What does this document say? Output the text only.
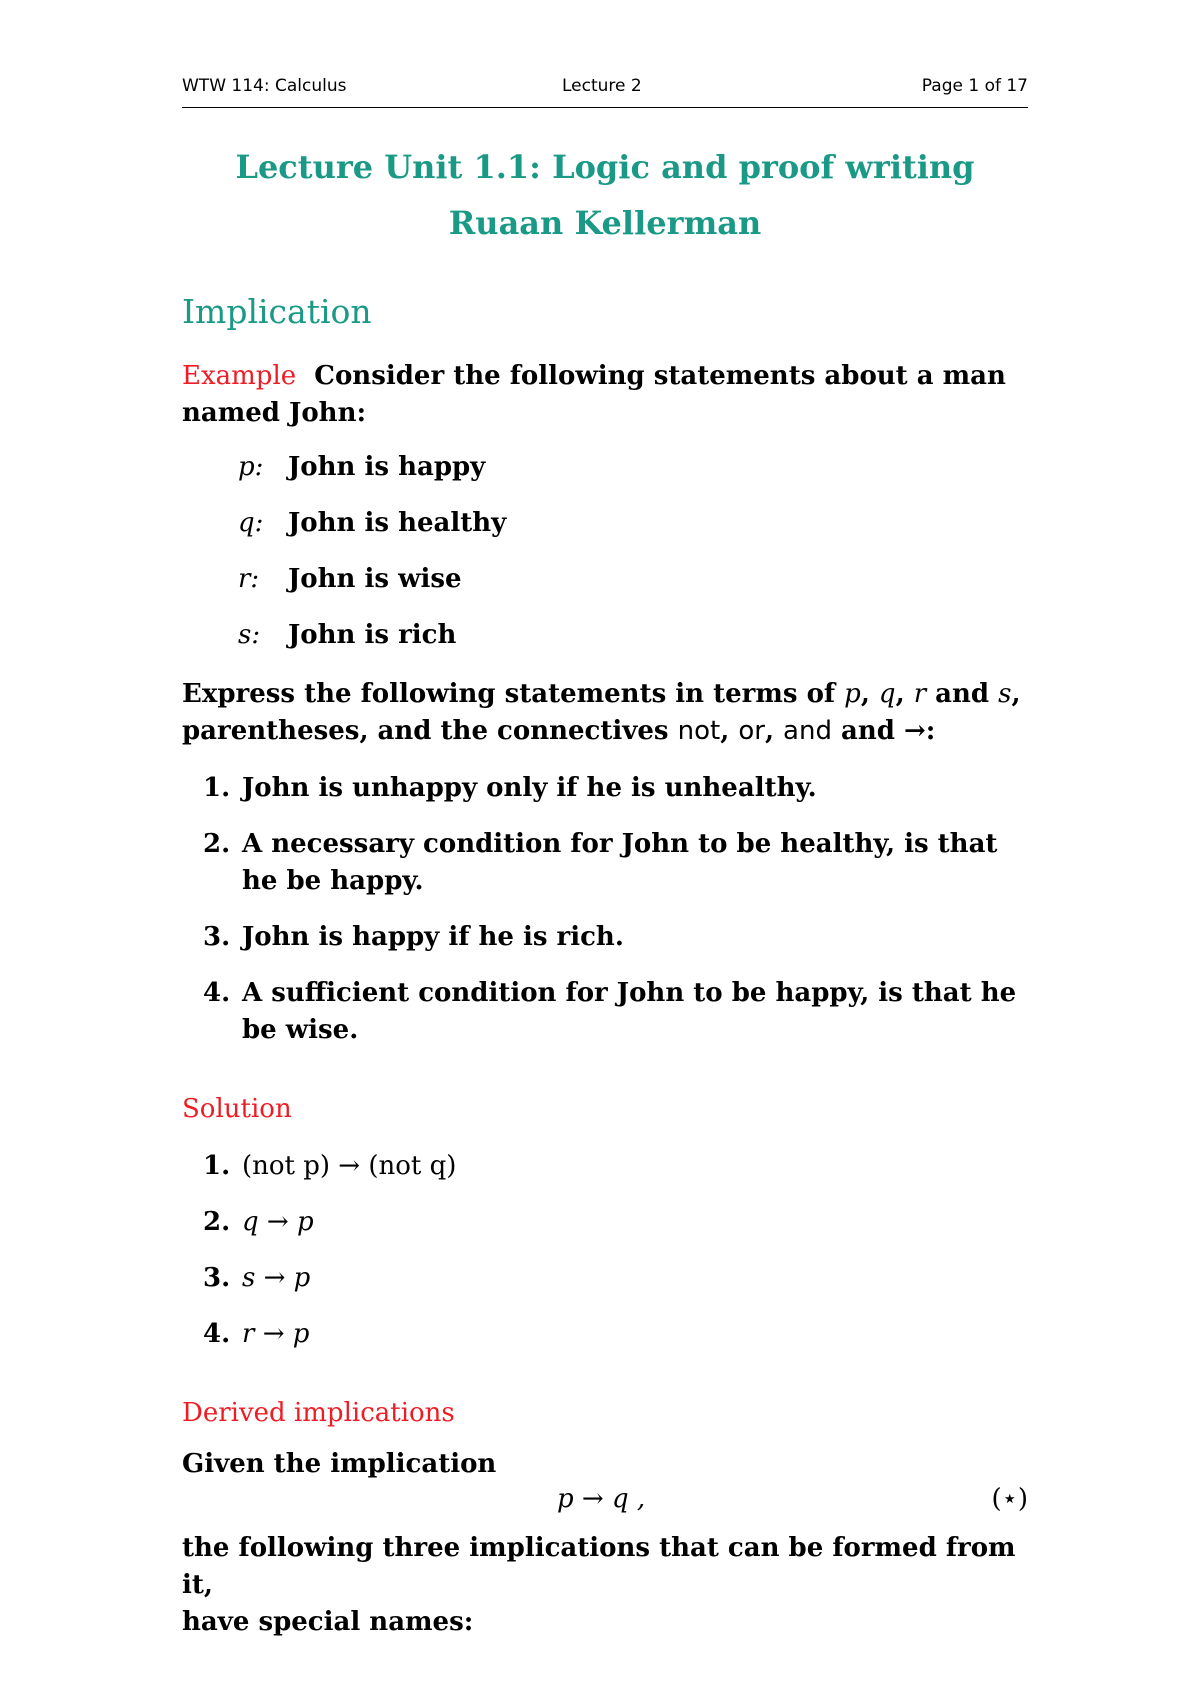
WTW 114: Calculus	Lecture 2	Page 1 of 17
Lecture Unit 1.1: Logic and proof writing
Ruaan Kellerman
Implication
Example Consider the following statements about a man
named John:
p: John is happy
q: John is healthy
r: John is wise
s: John is rich
Express the following statements in terms of p, q, r and s,
parentheses, and the connectives not, or, and and →:
1. John is unhappy only if he is unhealthy.
2. A necessary condition for John to be healthy, is that he be happy.
3. John is happy if he is rich.
4. A sufficient condition for John to be happy, is that he be wise.
Solution
1. (not p) → (not q)
2. q → p
3. s → p
4. r → p
Derived implications
Given the implication
p → q ,	(⋆)
the following three implications that can be formed from it,
have special names:
